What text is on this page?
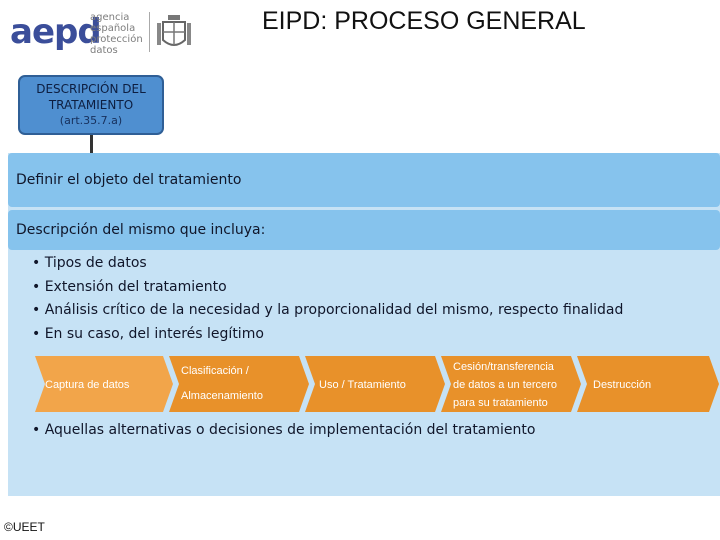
aepd
agencia
española
protección
datos
EIPD: PROCESO GENERAL
DESCRIPCIÓN DEL
TRATAMIENTO
(art.35.7.a)
Definir el objeto del tratamiento
Descripción del mismo que incluya:
• Tipos de datos
• Extensión del tratamiento
• Análisis crítico de la necesidad y la proporcionalidad del mismo, respecto finalidad
• En su caso, del interés legítimo
Captura de datos
Clasificación /
Almacenamiento
Uso / Tratamiento
Cesión/transferencia
de datos a un tercero
para su tratamiento
Destrucción
• Aquellas alternativas o decisiones de implementación del tratamiento
©UEET
